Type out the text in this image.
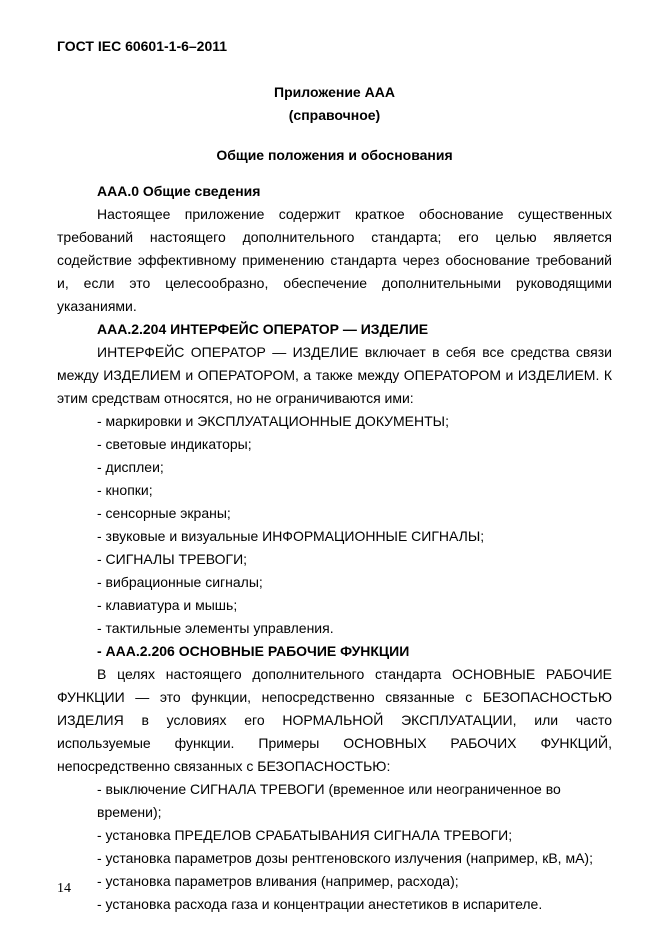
ГОСТ IEC 60601-1-6–2011
Приложение ААА
(справочное)
Общие положения и обоснования
ААА.0 Общие сведения

Настоящее приложение содержит краткое обоснование существенных требований настоящего дополнительного стандарта; его целью является содействие эффективному применению стандарта через обоснование требований и, если это целесообразно, обеспечение дополнительными руководящими указаниями.

ААА.2.204 ИНТЕРФЕЙС ОПЕРАТОР — ИЗДЕЛИЕ

ИНТЕРФЕЙС ОПЕРАТОР — ИЗДЕЛИЕ включает в себя все средства связи между ИЗДЕЛИЕМ и ОПЕРАТОРОМ, а также между ОПЕРАТОРОМ и ИЗДЕЛИЕМ. К этим средствам относятся, но не ограничиваются ими:

- маркировки и ЭКСПЛУАТАЦИОННЫЕ ДОКУМЕНТЫ;
- световые индикаторы;
- дисплеи;
- кнопки;
- сенсорные экраны;
- звуковые и визуальные ИНФОРМАЦИОННЫЕ СИГНАЛЫ;
- СИГНАЛЫ ТРЕВОГИ;
- вибрационные сигналы;
- клавиатура и мышь;
- тактильные элементы управления.
- ААА.2.206 ОСНОВНЫЕ РАБОЧИЕ ФУНКЦИИ

В целях настоящего дополнительного стандарта ОСНОВНЫЕ РАБОЧИЕ ФУНКЦИИ — это функции, непосредственно связанные с БЕЗОПАСНОСТЬЮ ИЗДЕЛИЯ в условиях его НОРМАЛЬНОЙ ЭКСПЛУАТАЦИИ, или часто используемые функции. Примеры ОСНОВНЫХ РАБОЧИХ ФУНКЦИЙ, непосредственно связанных с БЕЗОПАСНОСТЬЮ:

- выключение СИГНАЛА ТРЕВОГИ (временное или неограниченное во времени);
- установка ПРЕДЕЛОВ СРАБАТЫВАНИЯ СИГНАЛА ТРЕВОГИ;
- установка параметров дозы рентгеновского излучения (например, кВ, мА);
- установка параметров вливания (например, расхода);
- установка расхода газа и концентрации анестетиков в испарителе.
14
